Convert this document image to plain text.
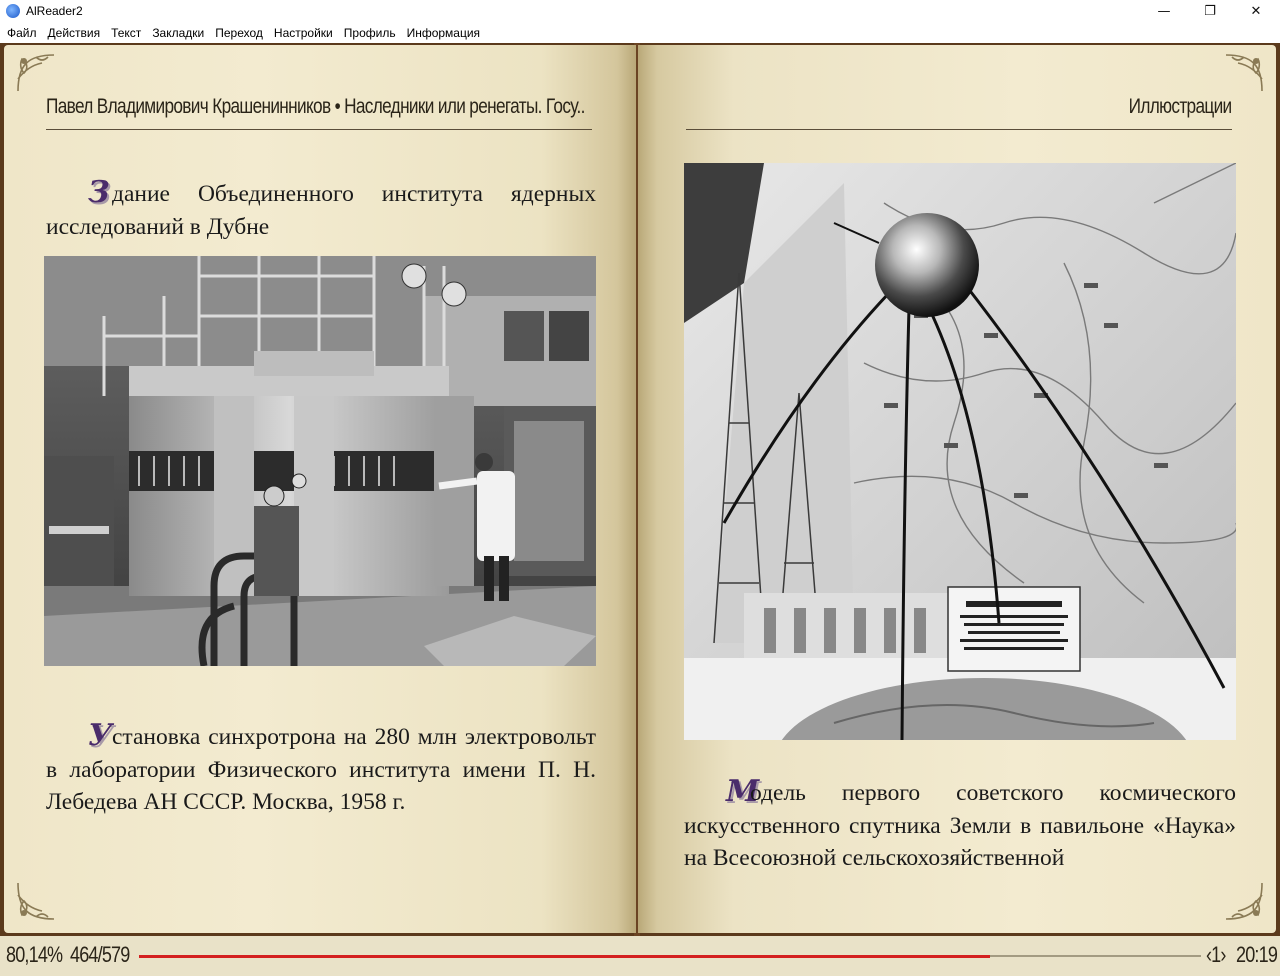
AlReader2	—	❐	✕
Файл Действия Текст Закладки Переход Настройки Профиль Информация
Павел Владимирович Крашенинников • Наследники или ренегаты. Госу..
З дание Объединенного института ядерных исследований в Дубне
Установка синхротрона на 280 млн электровольт в лаборатории Физического института имени П. Н. Лебедева АН СССР. Москва, 1958 г.
Иллюстрации
Модель первого советского космического искусственного спутника Земли в павильоне «Наука» на Всесоюзной сельскохозяйственной
80,14% 464/579	‹1› 20:19
